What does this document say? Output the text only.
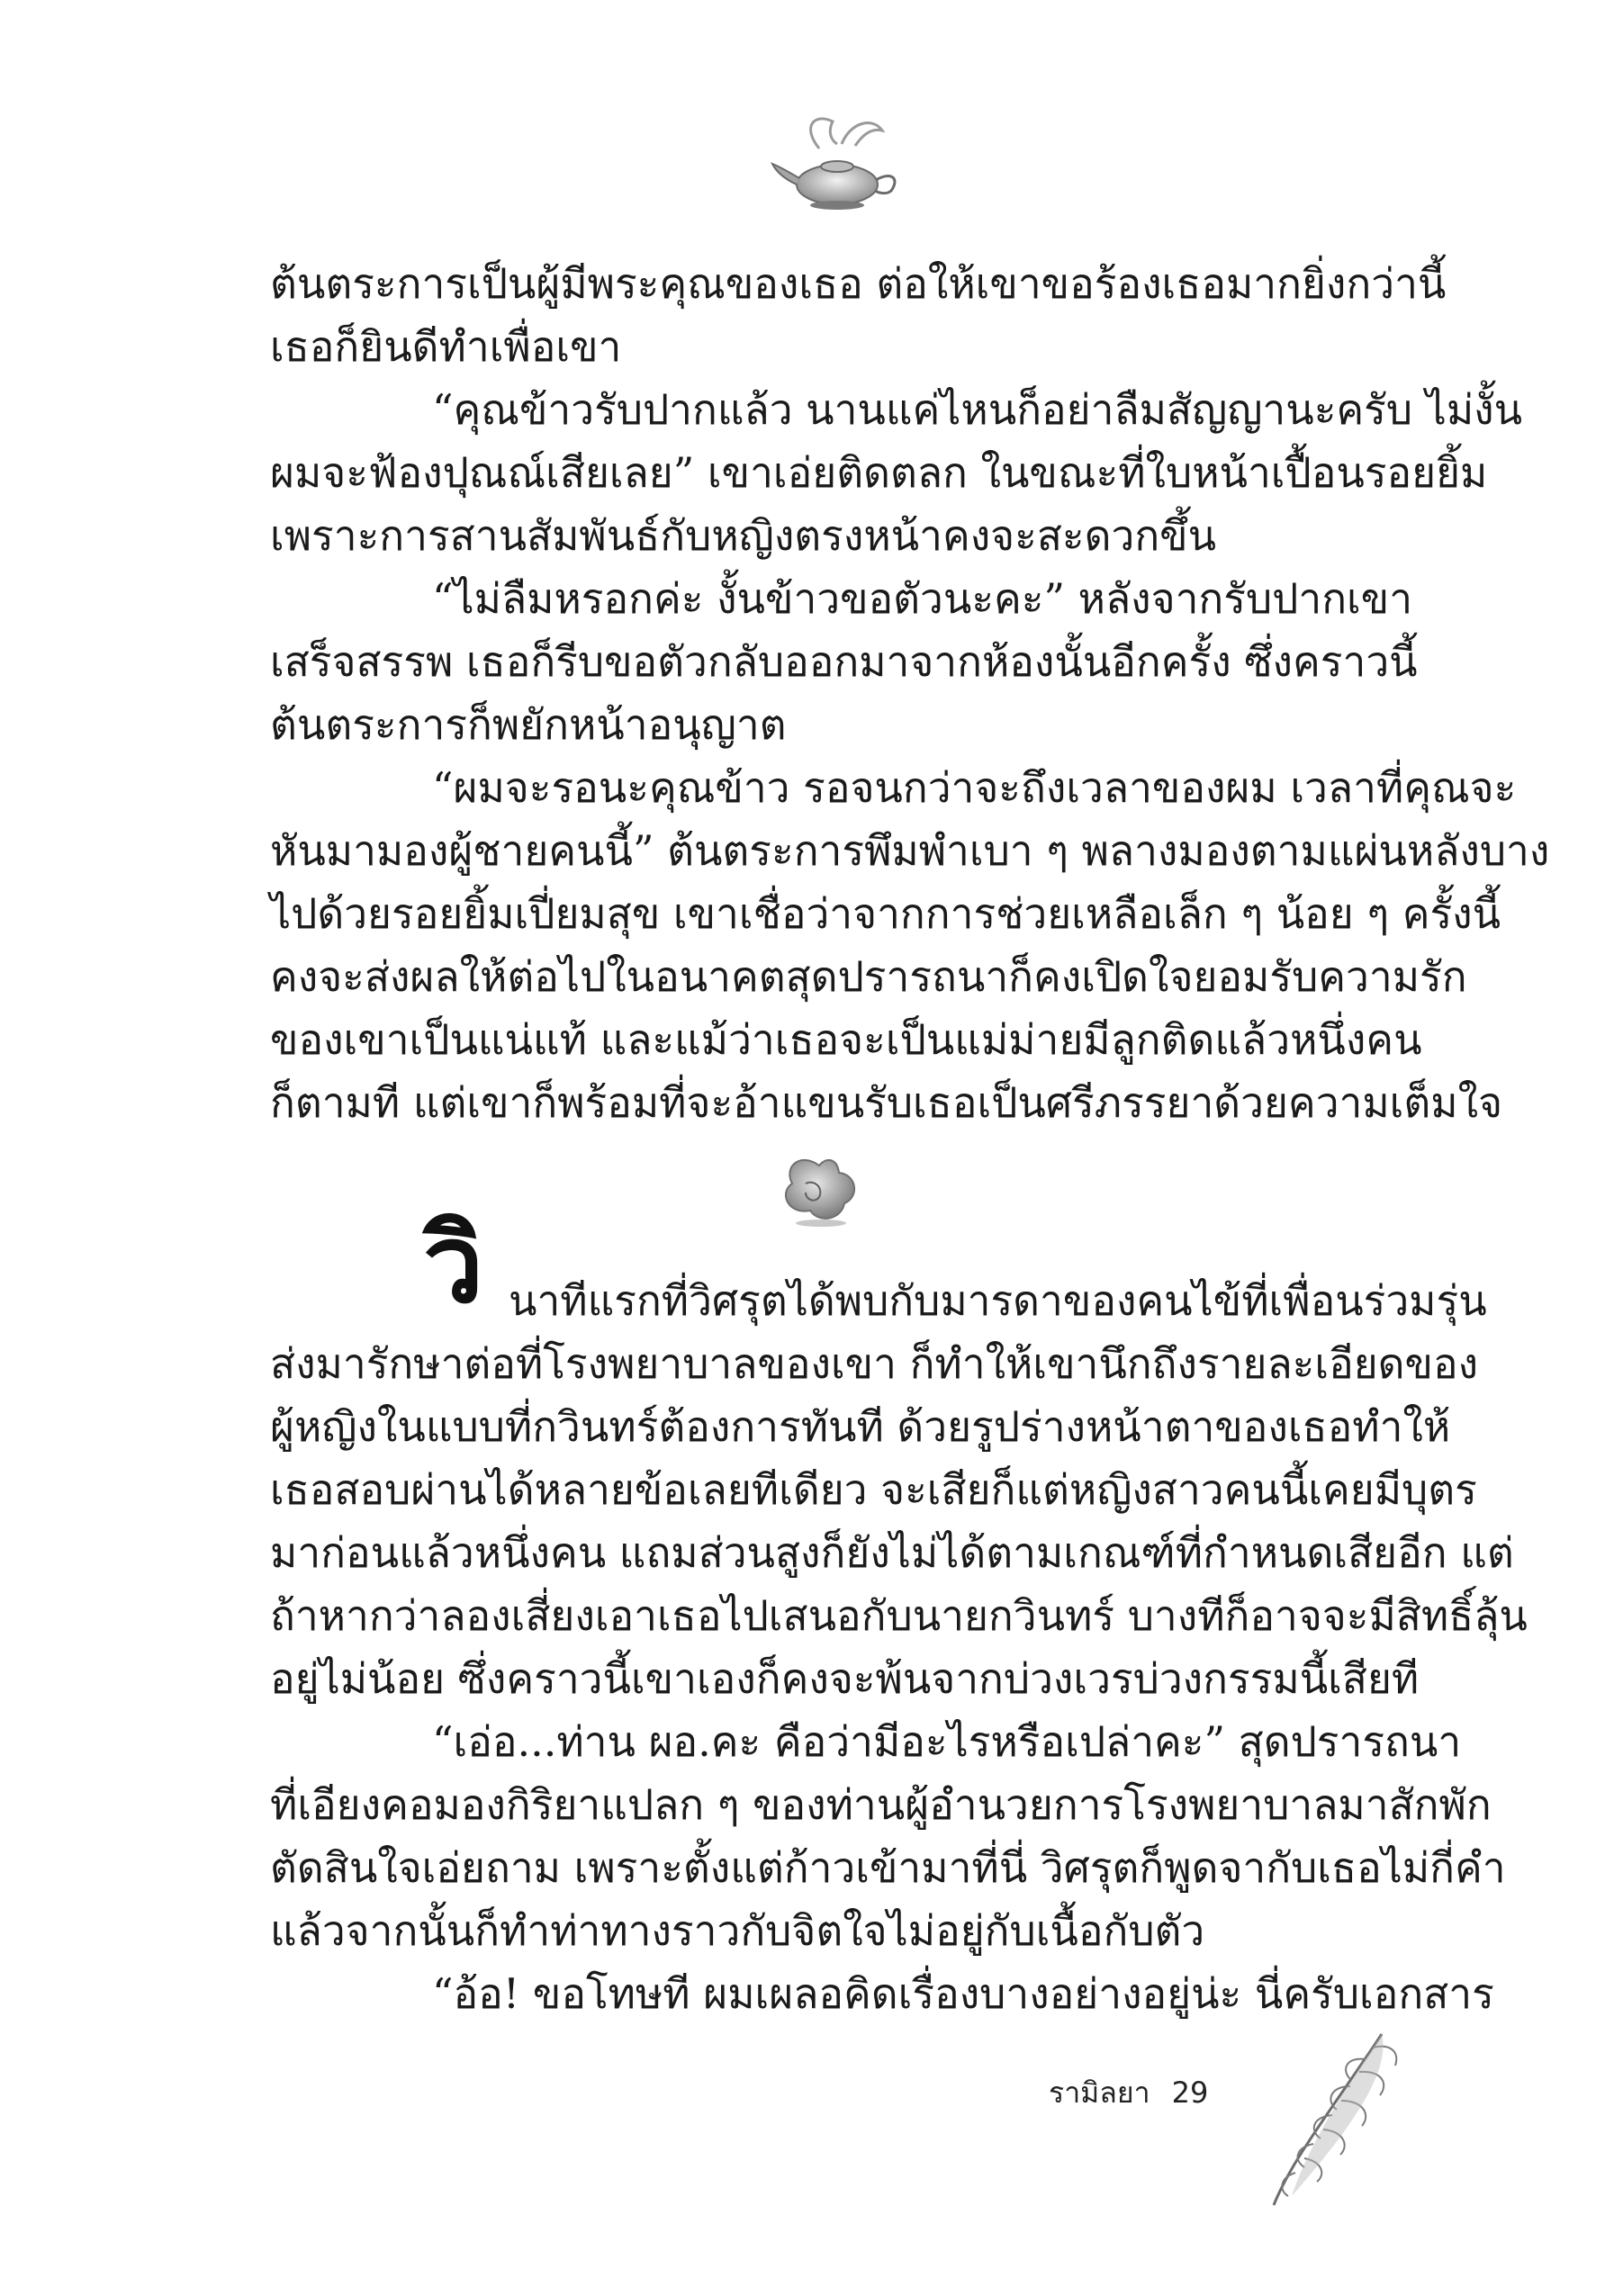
ต้นตระการเป็นผู้มีพระคุณของเธอ ต่อให้เขาขอร้องเธอมากยิ่งกว่านี้
เธอก็ยินดีทำเพื่อเขา
“คุณข้าวรับปากแล้ว นานแค่ไหนก็อย่าลืมสัญญานะครับ ไม่งั้น
ผมจะฟ้องปุณณ์เสียเลย” เขาเอ่ยติดตลก ในขณะที่ใบหน้าเปื้อนรอยยิ้ม
เพราะการสานสัมพันธ์กับหญิงตรงหน้าคงจะสะดวกขึ้น
“ไม่ลืมหรอกค่ะ งั้นข้าวขอตัวนะคะ” หลังจากรับปากเขา
เสร็จสรรพ เธอก็รีบขอตัวกลับออกมาจากห้องนั้นอีกครั้ง ซึ่งคราวนี้
ต้นตระการก็พยักหน้าอนุญาต
“ผมจะรอนะคุณข้าว รอจนกว่าจะถึงเวลาของผม เวลาที่คุณจะ
หันมามองผู้ชายคนนี้” ต้นตระการพึมพำเบา ๆ พลางมองตามแผ่นหลังบาง
ไปด้วยรอยยิ้มเปี่ยมสุข เขาเชื่อว่าจากการช่วยเหลือเล็ก ๆ น้อย ๆ ครั้งนี้
คงจะส่งผลให้ต่อไปในอนาคตสุดปรารถนาก็คงเปิดใจยอมรับความรัก
ของเขาเป็นแน่แท้ และแม้ว่าเธอจะเป็นแม่ม่ายมีลูกติดแล้วหนึ่งคน
ก็ตามที แต่เขาก็พร้อมที่จะอ้าแขนรับเธอเป็นศรีภรรยาด้วยความเต็มใจ
วิ นาทีแรกที่วิศรุตได้พบกับมารดาของคนไข้ที่เพื่อนร่วมรุ่น
ส่งมารักษาต่อที่โรงพยาบาลของเขา ก็ทำให้เขานึกถึงรายละเอียดของ
ผู้หญิงในแบบที่กวินทร์ต้องการทันที ด้วยรูปร่างหน้าตาของเธอทำให้
เธอสอบผ่านได้หลายข้อเลยทีเดียว จะเสียก็แต่หญิงสาวคนนี้เคยมีบุตร
มาก่อนแล้วหนึ่งคน แถมส่วนสูงก็ยังไม่ได้ตามเกณฑ์ที่กำหนดเสียอีก แต่
ถ้าหากว่าลองเสี่ยงเอาเธอไปเสนอกับนายกวินทร์ บางทีก็อาจจะมีสิทธิ์ลุ้น
อยู่ไม่น้อย ซึ่งคราวนี้เขาเองก็คงจะพ้นจากบ่วงเวรบ่วงกรรมนี้เสียที
“เอ่อ...ท่าน ผอ.คะ คือว่ามีอะไรหรือเปล่าคะ” สุดปรารถนา
ที่เอียงคอมองกิริยาแปลก ๆ ของท่านผู้อำนวยการโรงพยาบาลมาสักพัก
ตัดสินใจเอ่ยถาม เพราะตั้งแต่ก้าวเข้ามาที่นี่ วิศรุตก็พูดจากับเธอไม่กี่คำ
แล้วจากนั้นก็ทำท่าทางราวกับจิตใจไม่อยู่กับเนื้อกับตัว
“อ้อ! ขอโทษที ผมเผลอคิดเรื่องบางอย่างอยู่น่ะ นี่ครับเอกสาร
รามิลยา 29
